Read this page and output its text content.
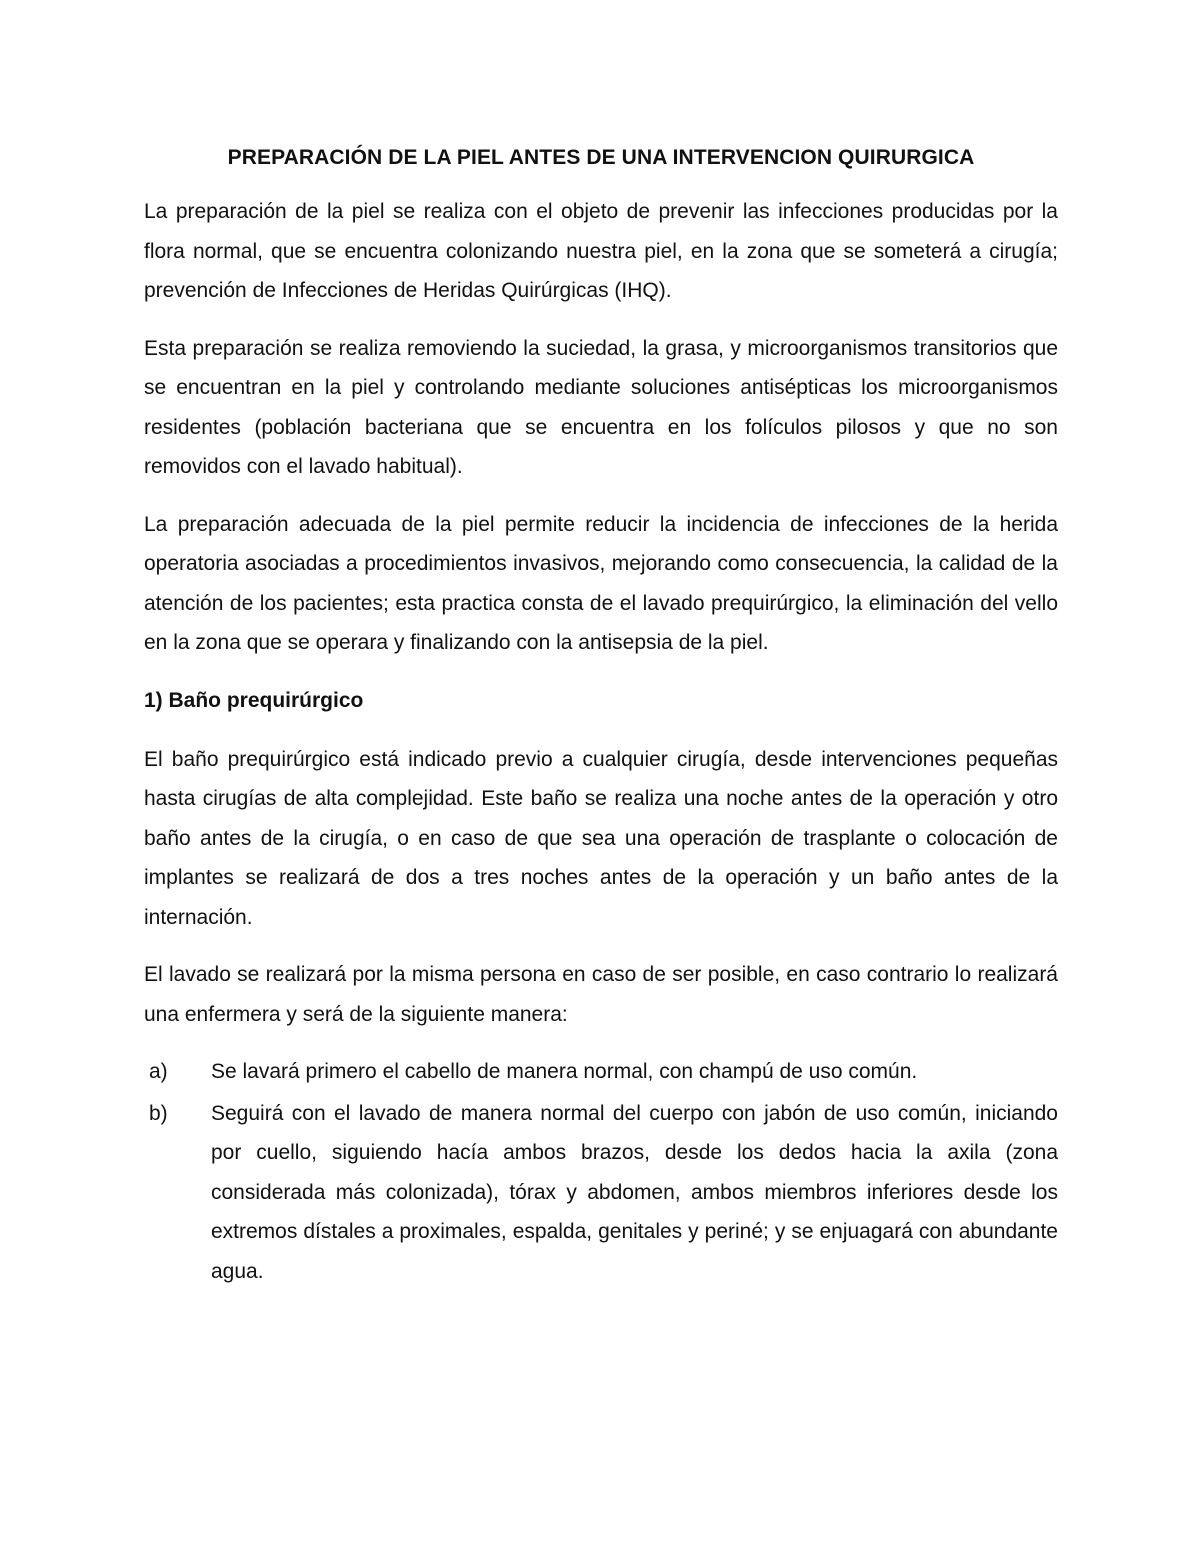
PREPARACIÓN DE LA PIEL ANTES DE UNA INTERVENCION QUIRURGICA

La preparación de la piel se realiza con el objeto de prevenir las infecciones producidas por la flora normal, que se encuentra colonizando nuestra piel, en la zona que se someterá a cirugía; prevención de Infecciones de Heridas Quirúrgicas (IHQ).

Esta preparación se realiza removiendo la suciedad, la grasa, y microorganismos transitorios que se encuentran en la piel y controlando mediante soluciones antisépticas los microorganismos residentes (población bacteriana que se encuentra en los folículos pilosos y que no son removidos con el lavado habitual).

La preparación adecuada de la piel permite reducir la incidencia de infecciones de la herida operatoria asociadas a procedimientos invasivos, mejorando como consecuencia, la calidad de la atención de los pacientes; esta practica consta de el lavado prequirúrgico, la eliminación del vello en la zona que se operara y finalizando con la antisepsia de la piel.

1) Baño prequirúrgico

El baño prequirúrgico está indicado previo a cualquier cirugía, desde intervenciones pequeñas hasta cirugías de alta complejidad. Este baño se realiza una noche antes de la operación y otro baño antes de la cirugía, o en caso de que sea una operación de trasplante o colocación de implantes se realizará de dos a tres noches antes de la operación y un baño antes de la internación.

El lavado se realizará por la misma persona en caso de ser posible, en caso contrario lo realizará una enfermera y será de la siguiente manera:

a) Se lavará primero el cabello de manera normal, con champú de uso común.
b) Seguirá con el lavado de manera normal del cuerpo con jabón de uso común, iniciando por cuello, siguiendo hacía ambos brazos, desde los dedos hacia la axila (zona considerada más colonizada), tórax y abdomen, ambos miembros inferiores desde los extremos dístales a proximales, espalda, genitales y periné; y se enjuagará con abundante agua.
